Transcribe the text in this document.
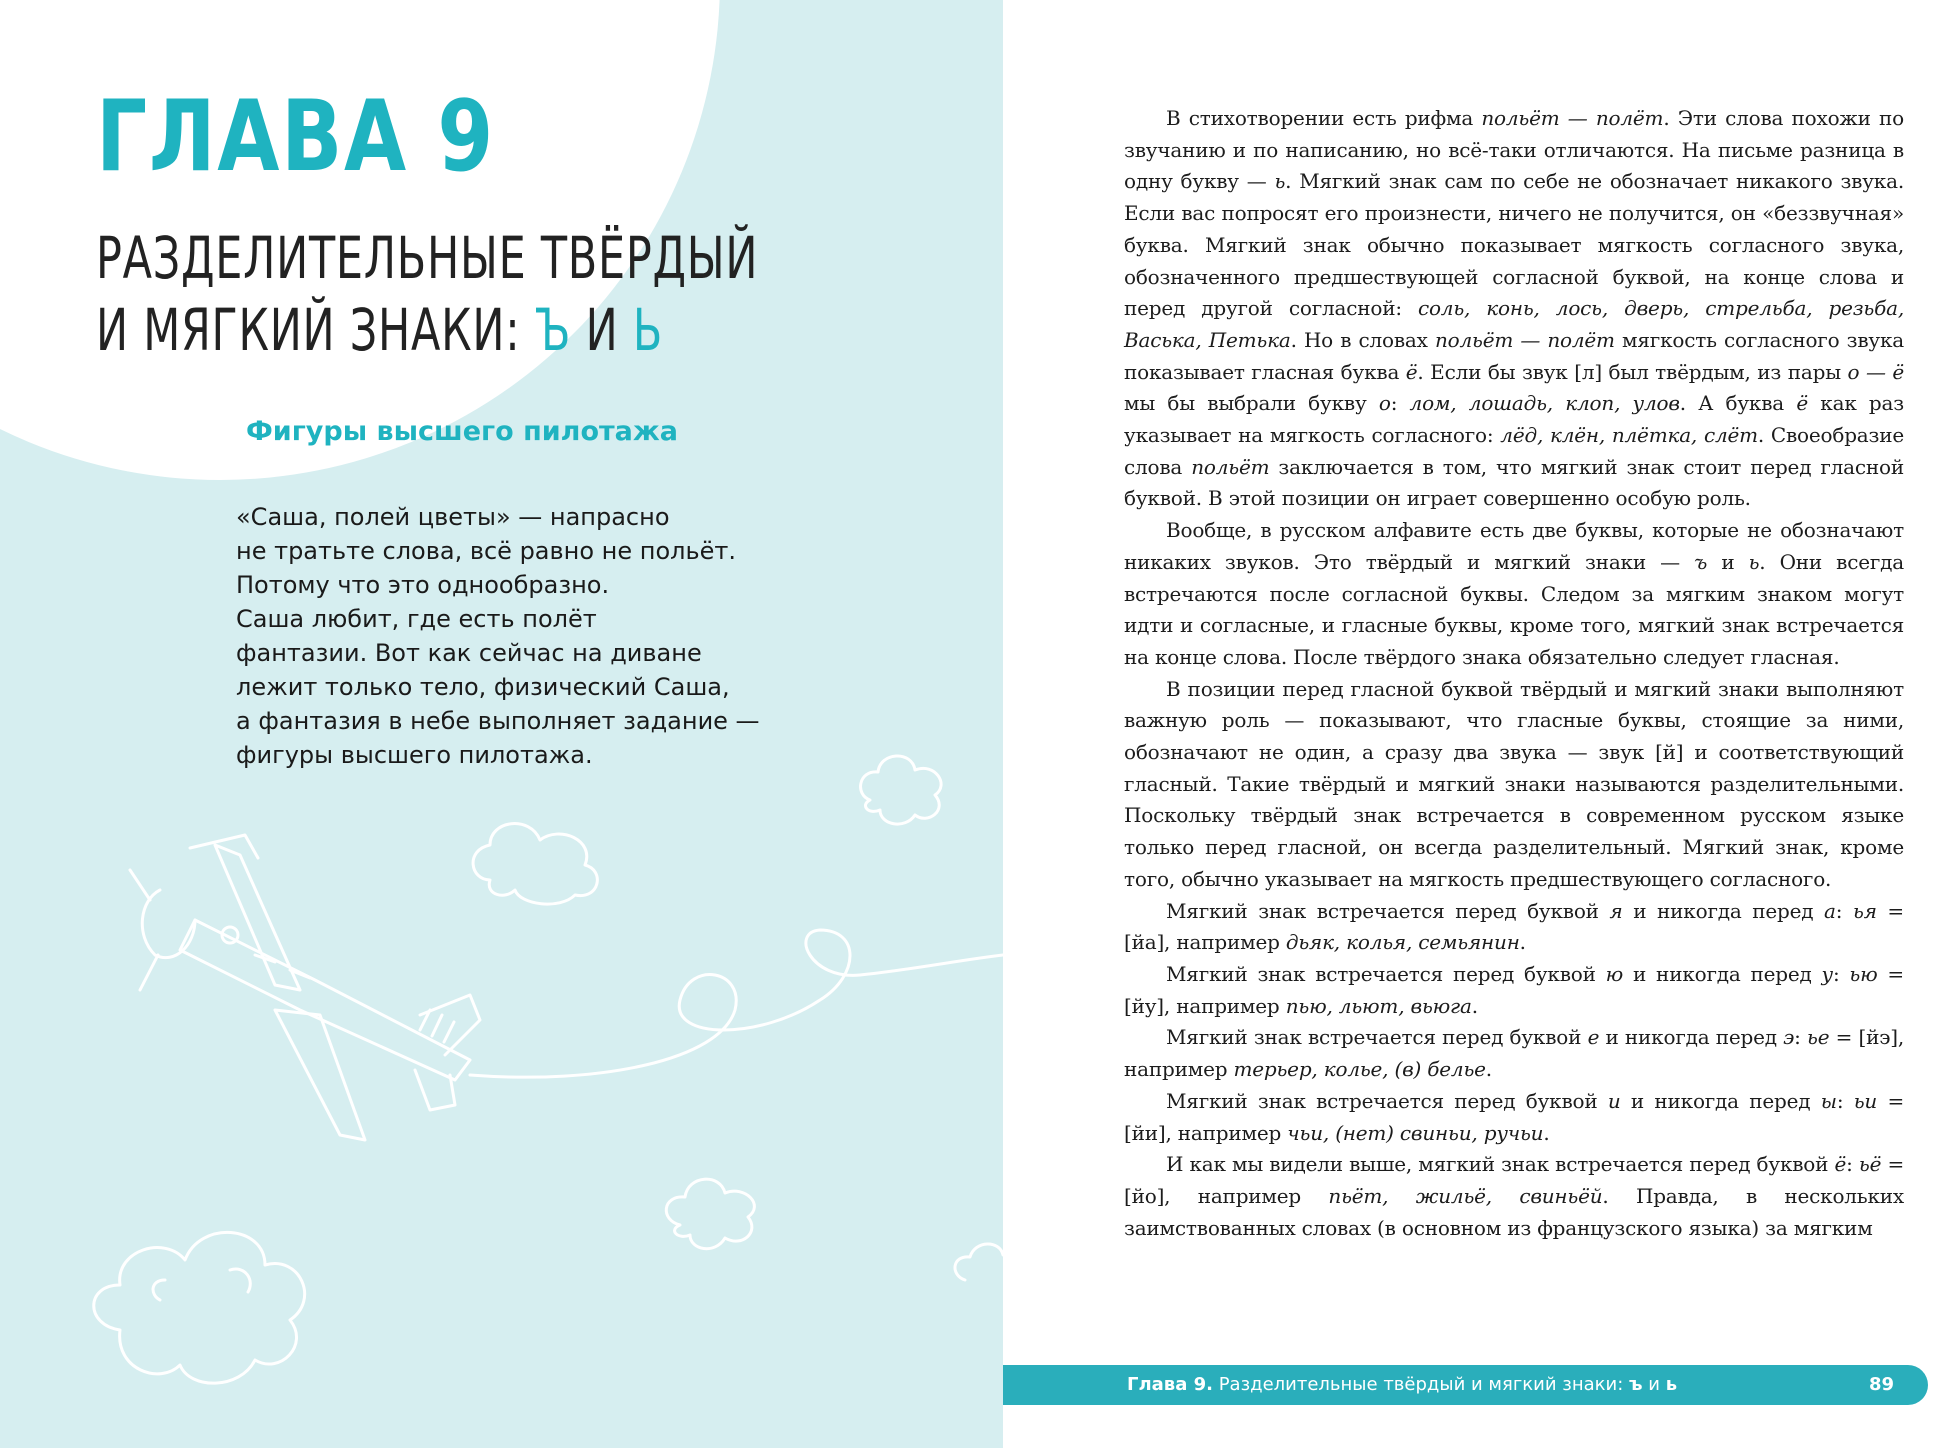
ГЛАВА 9
РАЗДЕЛИТЕЛЬНЫЕ ТВЁРДЫЙ
И МЯГКИЙ ЗНАКИ: Ъ И Ь
Фигуры высшего пилотажа
«Саша, полей цветы» — напрасно
не тратьте слова, всё равно не польёт.
Потому что это однообразно.
Саша любит, где есть полёт
фантазии. Вот как сейчас на диване
лежит только тело, физический Саша,
а фантазия в небе выполняет задание —
фигуры высшего пилотажа.

В стихотворении есть рифма польёт — полёт. Эти слова похожи по звучанию и по написанию, но всё-таки отличаются. На письме разница в одну букву — ь. Мягкий знак сам по себе не обозначает никакого звука. Если вас попросят его произнести, ничего не получится, он «беззвучная» буква. Мягкий знак обычно показывает мягкость согласного звука, обозначенного предшествующей согласной буквой, на конце слова и перед другой согласной: соль, конь, лось, дверь, стрельба, резьба, Васька, Петька. Но в словах польёт — полёт мягкость согласного звука показывает гласная буква ё. Если бы звук [л] был твёрдым, из пары о — ё мы бы выбрали букву о: лом, лошадь, клоп, улов. А буква ё как раз указывает на мягкость согласного: лёд, клён, плётка, слёт. Своеобразие слова польёт заключается в том, что мягкий знак стоит перед гласной буквой. В этой позиции он играет совершенно особую роль.

Вообще, в русском алфавите есть две буквы, которые не обозначают никаких звуков. Это твёрдый и мягкий знаки — ъ и ь. Они всегда встречаются после согласной буквы. Следом за мягким знаком могут идти и согласные, и гласные буквы, кроме того, мягкий знак встречается на конце слова. После твёрдого знака обязательно следует гласная.

В позиции перед гласной буквой твёрдый и мягкий знаки выполняют важную роль — показывают, что гласные буквы, стоящие за ними, обозначают не один, а сразу два звука — звук [й] и соответствующий гласный. Такие твёрдый и мягкий знаки называются разделительными. Поскольку твёрдый знак встречается в современном русском языке только перед гласной, он всегда разделительный. Мягкий знак, кроме того, обычно указывает на мягкость предшествующего согласного.

Мягкий знак встречается перед буквой я и никогда перед а: ья = [йа], например дьяк, колья, семьянин.

Мягкий знак встречается перед буквой ю и никогда перед у: ью = [йу], например пью, льют, вьюга.

Мягкий знак встречается перед буквой е и никогда перед э: ье = [йэ], например терьер, колье, (в) белье.

Мягкий знак встречается перед буквой и и никогда перед ы: ьи = [йи], например чьи, (нет) свиньи, ручьи.

И как мы видели выше, мягкий знак встречается перед буквой ё: ьё = [йо], например пьёт, жильё, свиньёй. Правда, в нескольких заимствованных словах (в основном из французского языка) за мягким

Глава 9. Разделительные твёрдый и мягкий знаки: ъ и ь	89
